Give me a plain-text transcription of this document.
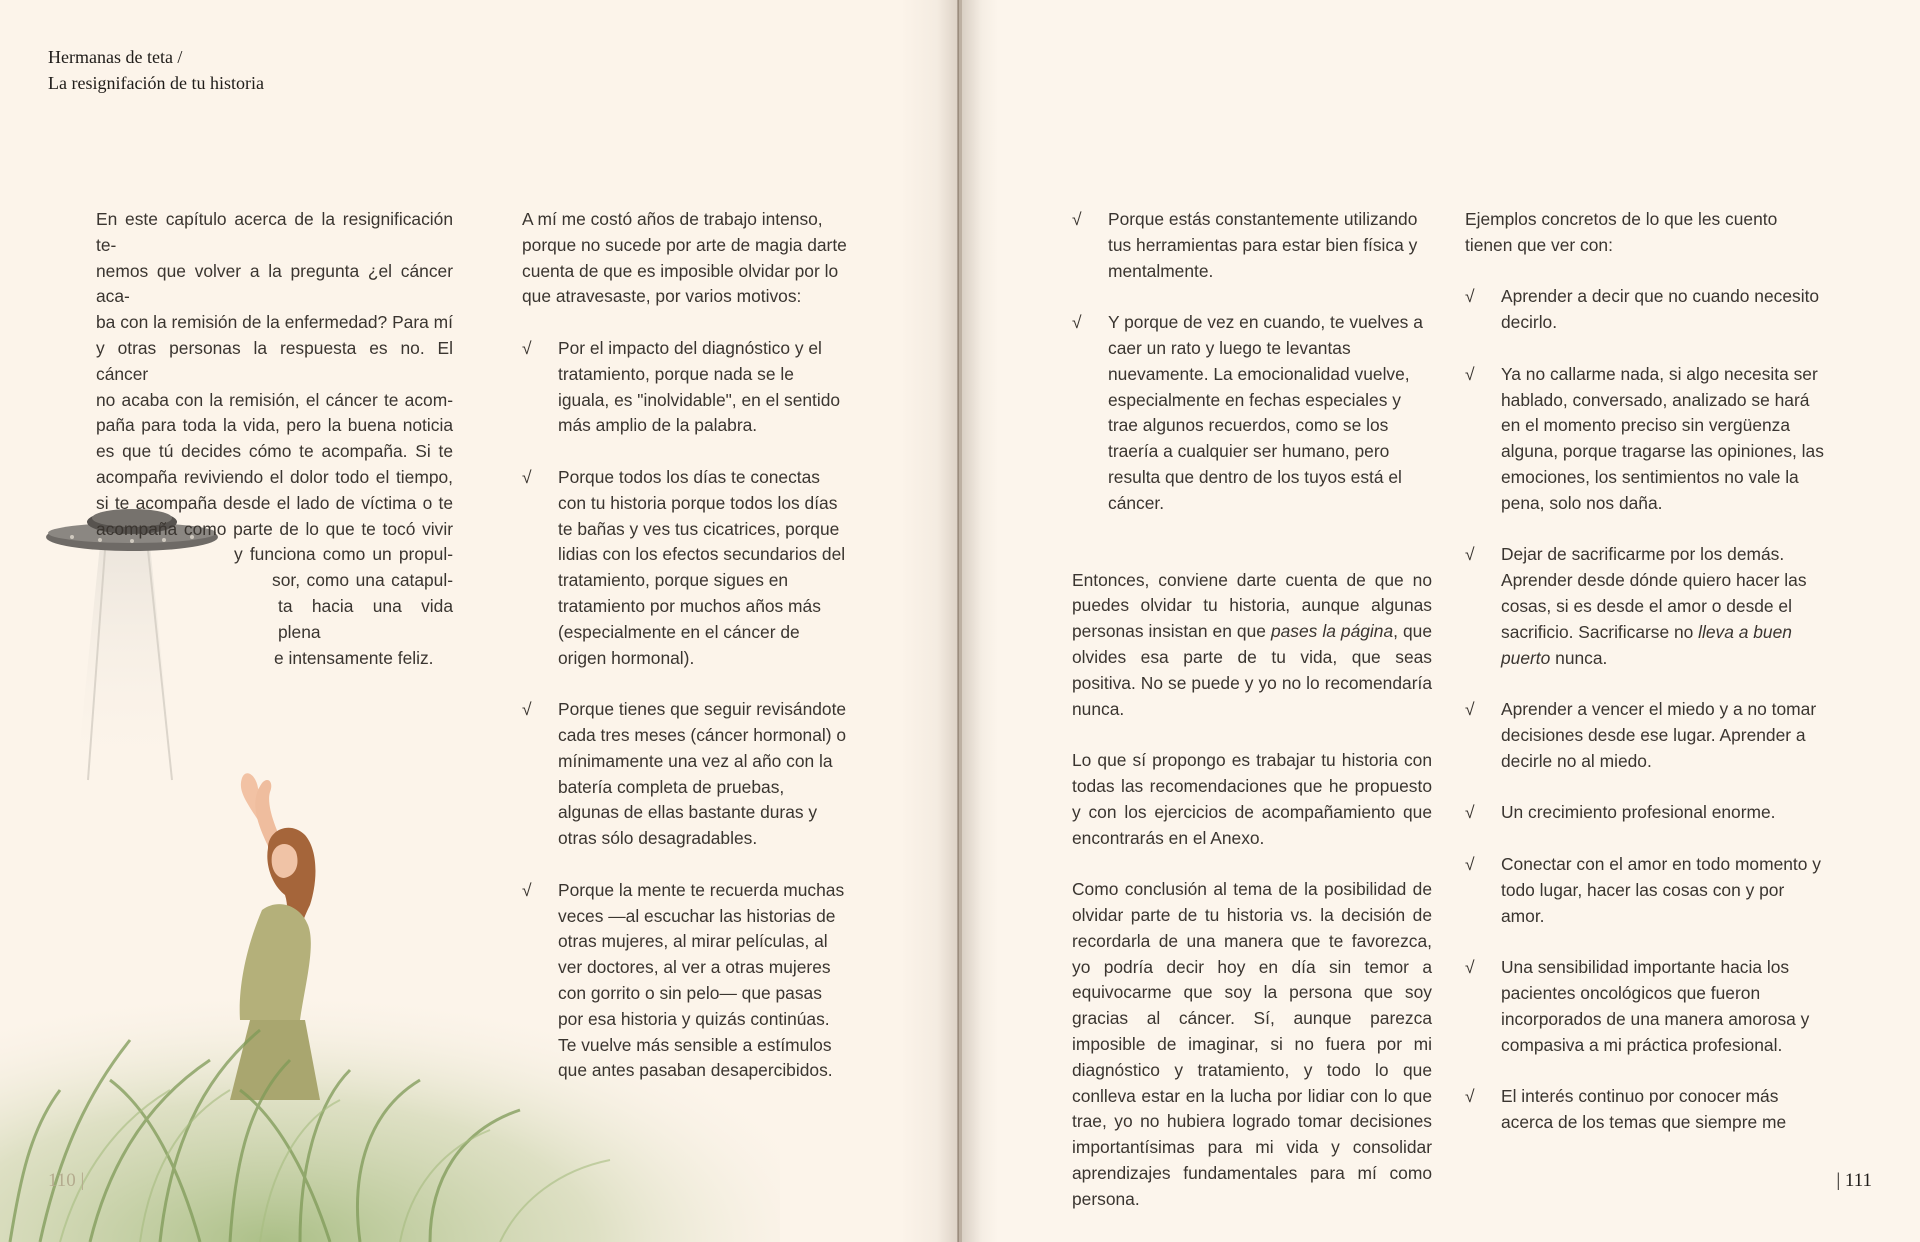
Hermanas de teta /
La resignifación de tu historia
En este capítulo acerca de la resignificación te-
nemos que volver a la pregunta ¿el cáncer aca-
ba con la remisión de la enfermedad? Para mí
y otras personas la respuesta es no. El cáncer
no acaba con la remisión, el cáncer te acom-
paña para toda la vida, pero la buena noticia
es que tú decides cómo te acompaña. Si te
acompaña reviviendo el dolor todo el tiempo,
si te acompaña desde el lado de víctima o te
acompaña como parte de lo que te tocó vivir
y funciona como un propul-
sor, como una catapul-
ta hacia una vida plena
e intensamente feliz.

A mí me costó años de trabajo intenso, porque no sucede por arte de magia darte cuenta de que es imposible olvidar por lo que atravesaste, por varios motivos:

√	Por el impacto del diagnóstico y el tratamiento, porque nada se le iguala, es "inolvidable", en el sentido más amplio de la palabra.
√	Porque todos los días te conectas con tu historia porque todos los días te bañas y ves tus cicatrices, porque lidias con los efectos secundarios del tratamiento, porque sigues en tratamiento por muchos años más (especialmente en el cáncer de origen hormonal).
√	Porque tienes que seguir revisándote cada tres meses (cáncer hormonal) o mínimamente una vez al año con la batería completa de pruebas, algunas de ellas bastante duras y otras sólo desagradables.
√	Porque la mente te recuerda muchas veces —al escuchar las historias de otras mujeres, al mirar películas, al ver doctores, al ver a otras mujeres con gorrito o sin pelo— que pasas por esa historia y quizás continúas. Te vuelve más sensible a estímulos que antes pasaban desapercibidos.
110 |
√	Porque estás constantemente utilizando tus herramientas para estar bien física y mentalmente.
√	Y porque de vez en cuando, te vuelves a caer un rato y luego te levantas nuevamente. La emocionalidad vuelve, especialmente en fechas especiales y trae algunos recuerdos, como se los traería a cualquier ser humano, pero resulta que dentro de los tuyos está el cáncer.

Entonces, conviene darte cuenta de que no puedes olvidar tu historia, aunque algunas personas insistan en que pases la página, que olvides esa parte de tu vida, que seas positiva. No se puede y yo no lo recomendaría nunca.

Lo que sí propongo es trabajar tu historia con todas las recomendaciones que he propuesto y con los ejercicios de acompañamiento que encontrarás en el Anexo.

Como conclusión al tema de la posibilidad de olvidar parte de tu historia vs. la decisión de recordarla de una manera que te favorezca, yo podría decir hoy en día sin temor a equivocarme que soy la persona que soy gracias al cáncer. Sí, aunque parezca imposible de imaginar, si no fuera por mi diagnóstico y tratamiento, y todo lo que conlleva estar en la lucha por lidiar con lo que trae, yo no hubiera logrado tomar decisiones importantísimas para mi vida y consolidar aprendizajes fundamentales para mí como persona.

Ejemplos concretos de lo que les cuento tienen que ver con:

√	Aprender a decir que no cuando necesito decirlo.
√	Ya no callarme nada, si algo necesita ser hablado, conversado, analizado se hará en el momento preciso sin vergüenza alguna, porque tragarse las opiniones, las emociones, los sentimientos no vale la pena, solo nos daña.
√	Dejar de sacrificarme por los demás. Aprender desde dónde quiero hacer las cosas, si es desde el amor o desde el sacrificio. Sacrificarse no lleva a buen puerto nunca.
√	Aprender a vencer el miedo y a no tomar decisiones desde ese lugar. Aprender a decirle no al miedo.
√	Un crecimiento profesional enorme.
√	Conectar con el amor en todo momento y todo lugar, hacer las cosas con y por amor.
√	Una sensibilidad importante hacia los pacientes oncológicos que fueron incorporados de una manera amorosa y compasiva a mi práctica profesional.
√	El interés continuo por conocer más acerca de los temas que siempre me
| 111
